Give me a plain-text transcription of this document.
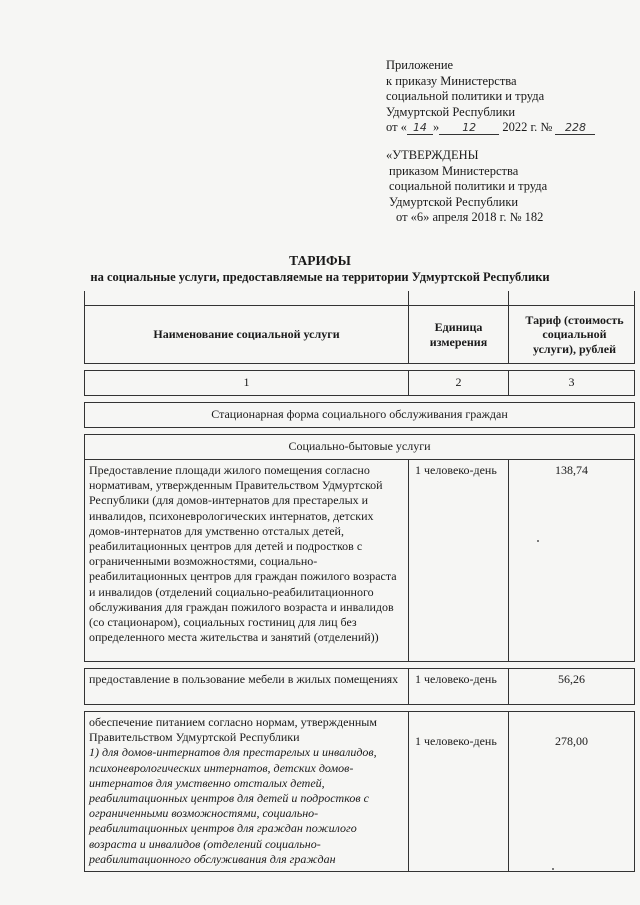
Приложение
к приказу Министерства
социальной политики и труда
Удмуртской Республики
от « 14 » 12 2022 г. № 228
«УТВЕРЖДЕНЫ
приказом Министерства
социальной политики и труда
Удмуртской Республики
от «6» апреля 2018 г. № 182
ТАРИФЫ
на социальные услуги, предоставляемые на территории Удмуртской Республики

Наименование социальной услуги	Единица измерения	Тариф (стоимость социальной услуги), рублей

1	2	3

Стационарная форма социального обслуживания граждан		

Социально-бытовые услуги		
Предоставление площади жилого помещения согласно нормативам, утвержденным Правительством Удмуртской Республики (для домов-интернатов для престарелых и инвалидов, психоневрологических интернатов, детских домов-интернатов для умственно отсталых детей, реабилитационных центров для детей и подростков с ограниченными возможностями, социально-реабилитационных центров для граждан пожилого возраста и инвалидов (отделений социально-реабилитационного обслуживания для граждан пожилого возраста и инвалидов (со стационаром), социальных гостиниц для лиц без определенного места жительства и занятий (отделений))	1 человеко-день	138,74

предоставление в пользование мебели в жилых помещениях	1 человеко-день	56,26

обеспечение питанием согласно нормам, утвержденным Правительством Удмуртской Республики
1) для домов-интернатов для престарелых и инвалидов, психоневрологических интернатов, детских домов-интернатов для умственно отсталых детей, реабилитационных центров для детей и подростков с ограниченными возможностями, социально-реабилитационных центров для граждан пожилого возраста и инвалидов (отделений социально-реабилитационного обслуживания для граждан	1 человеко-день	278,00
